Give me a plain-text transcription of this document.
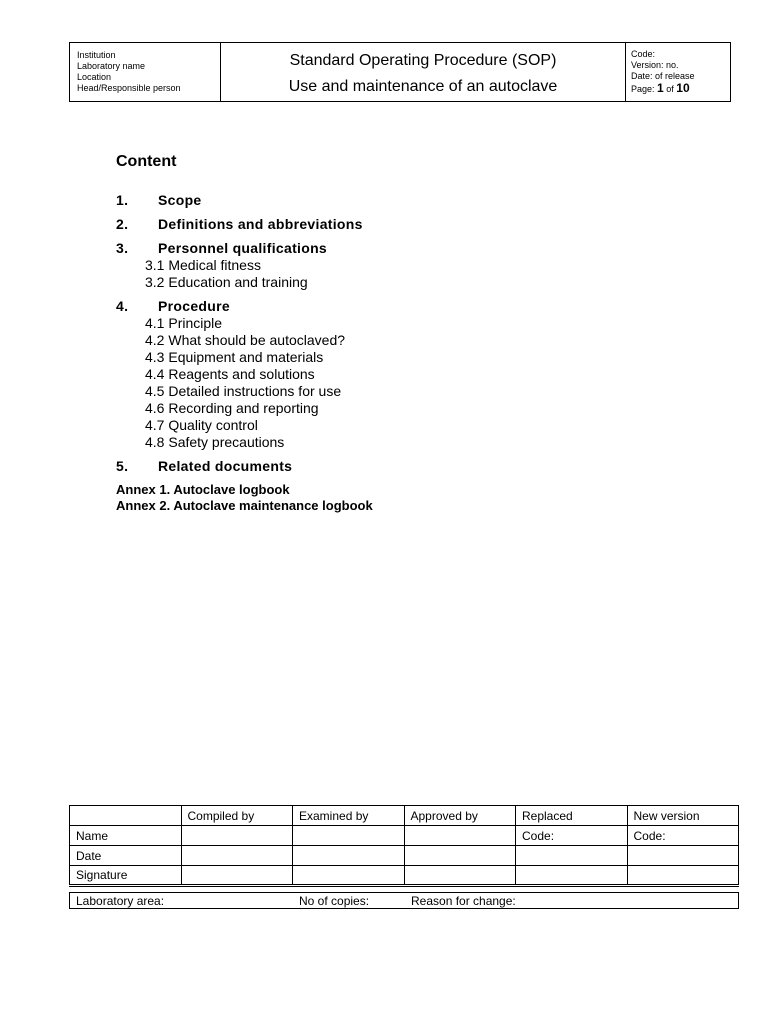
Institution
Laboratory name
Location
Head/Responsible person
Standard Operating Procedure (SOP)
Use and maintenance of an autoclave
Code:
Version: no.
Date: of release
Page: 1 of 10
Content
1.	Scope
2.	Definitions and abbreviations
3.	Personnel qualifications
3.1 Medical fitness
3.2 Education and training
4.	Procedure
4.1 Principle
4.2 What should be autoclaved?
4.3 Equipment and materials
4.4 Reagents and solutions
4.5 Detailed instructions for use
4.6 Recording and reporting
4.7 Quality control
4.8 Safety precautions
5.	Related documents
Annex 1. Autoclave logbook
Annex 2. Autoclave maintenance logbook
	Compiled by	Examined by	Approved by	Replaced	New version
Name				Code:	Code:
Date					
Signature					
Laboratory area:	No of copies:	Reason for change:
